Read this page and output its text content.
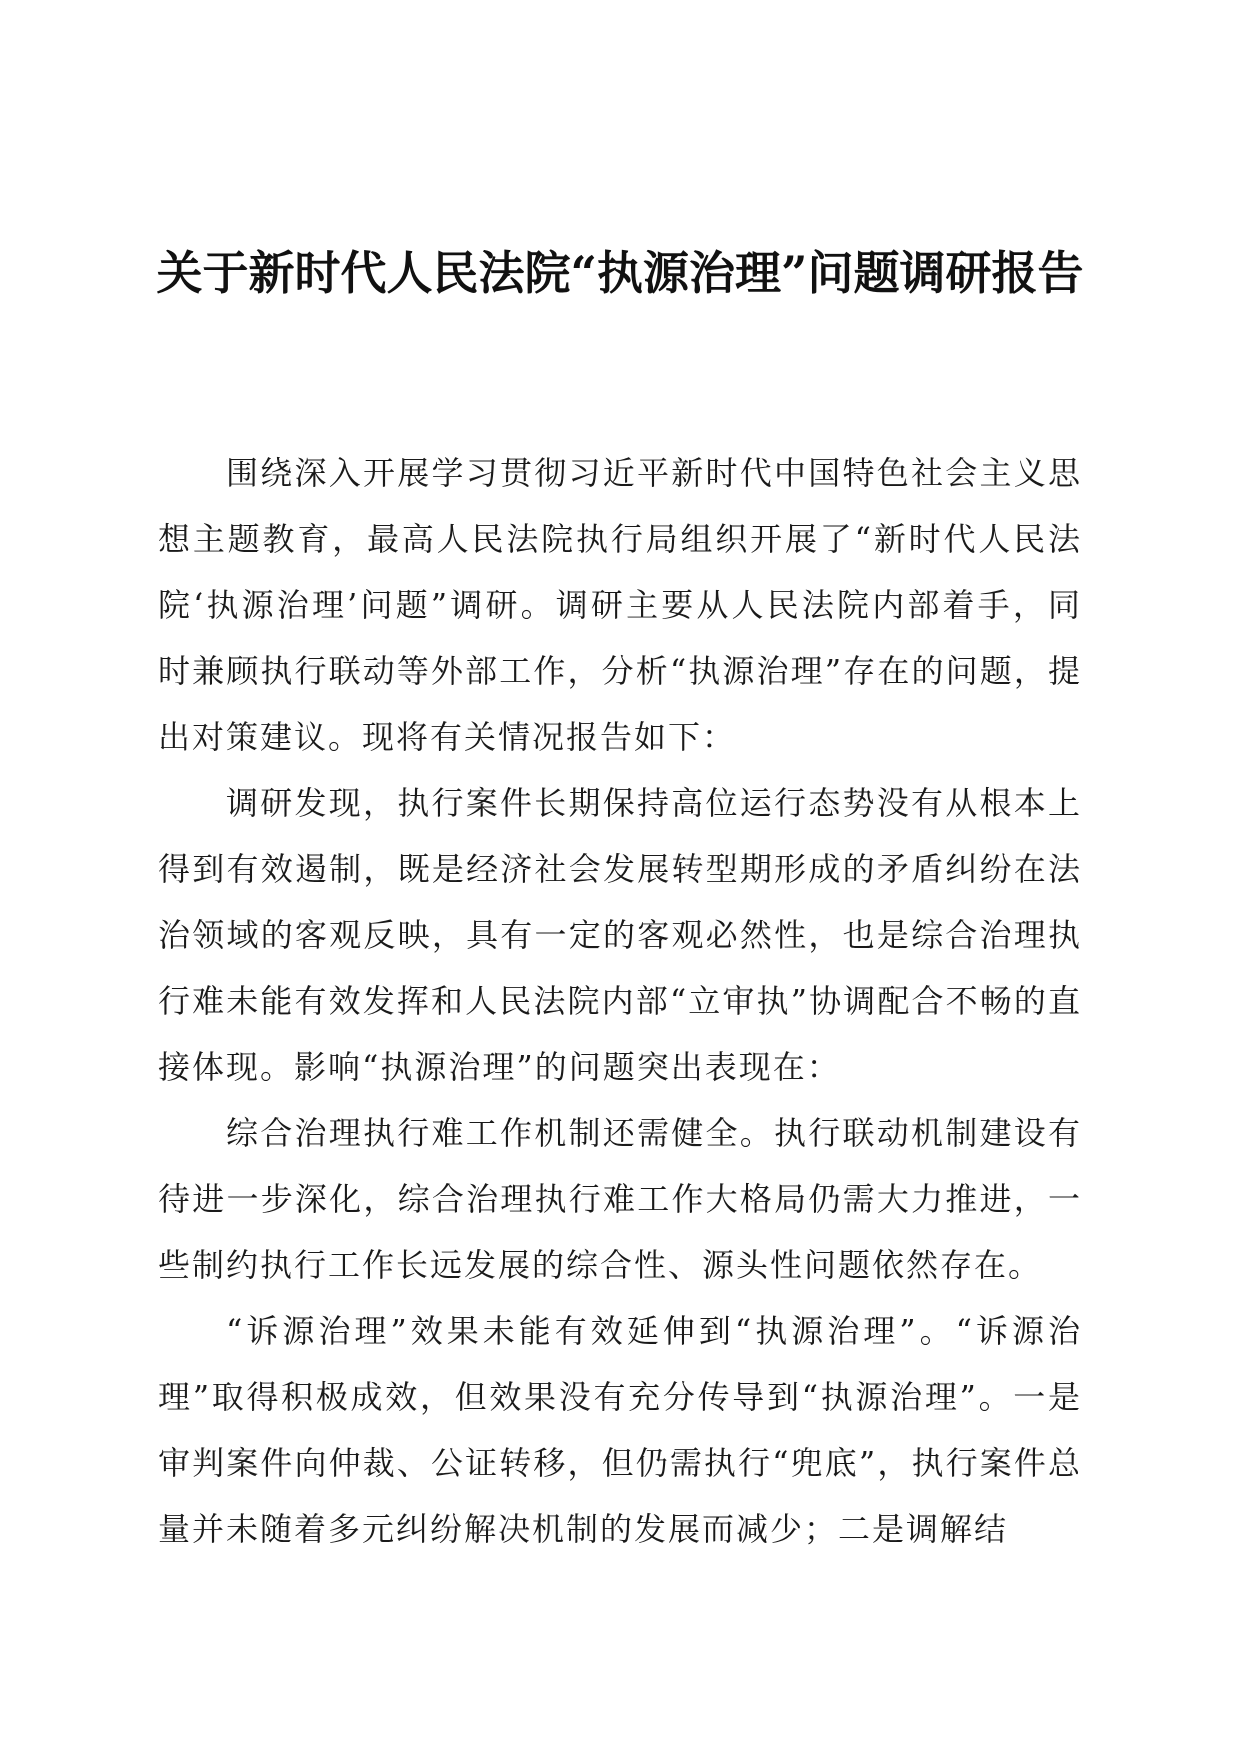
关于新时代人民法院“执源治理”问题调研报告

围绕深入开展学习贯彻习近平新时代中国特色社会主义思想主题教育，最高人民法院执行局组织开展了“新时代人民法院‘执源治理’问题”调研。调研主要从人民法院内部着手，同时兼顾执行联动等外部工作，分析“执源治理”存在的问题，提出对策建议。现将有关情况报告如下：

调研发现，执行案件长期保持高位运行态势没有从根本上得到有效遏制，既是经济社会发展转型期形成的矛盾纠纷在法治领域的客观反映，具有一定的客观必然性，也是综合治理执行难未能有效发挥和人民法院内部“立审执”协调配合不畅的直接体现。影响“执源治理”的问题突出表现在：

综合治理执行难工作机制还需健全。执行联动机制建设有待进一步深化，综合治理执行难工作大格局仍需大力推进，一些制约执行工作长远发展的综合性、源头性问题依然存在。

“诉源治理”效果未能有效延伸到“执源治理”。“诉源治理”取得积极成效，但效果没有充分传导到“执源治理”。一是审判案件向仲裁、公证转移，但仍需执行“兜底”，执行案件总量并未随着多元纠纷解决机制的发展而减少；二是调解结
